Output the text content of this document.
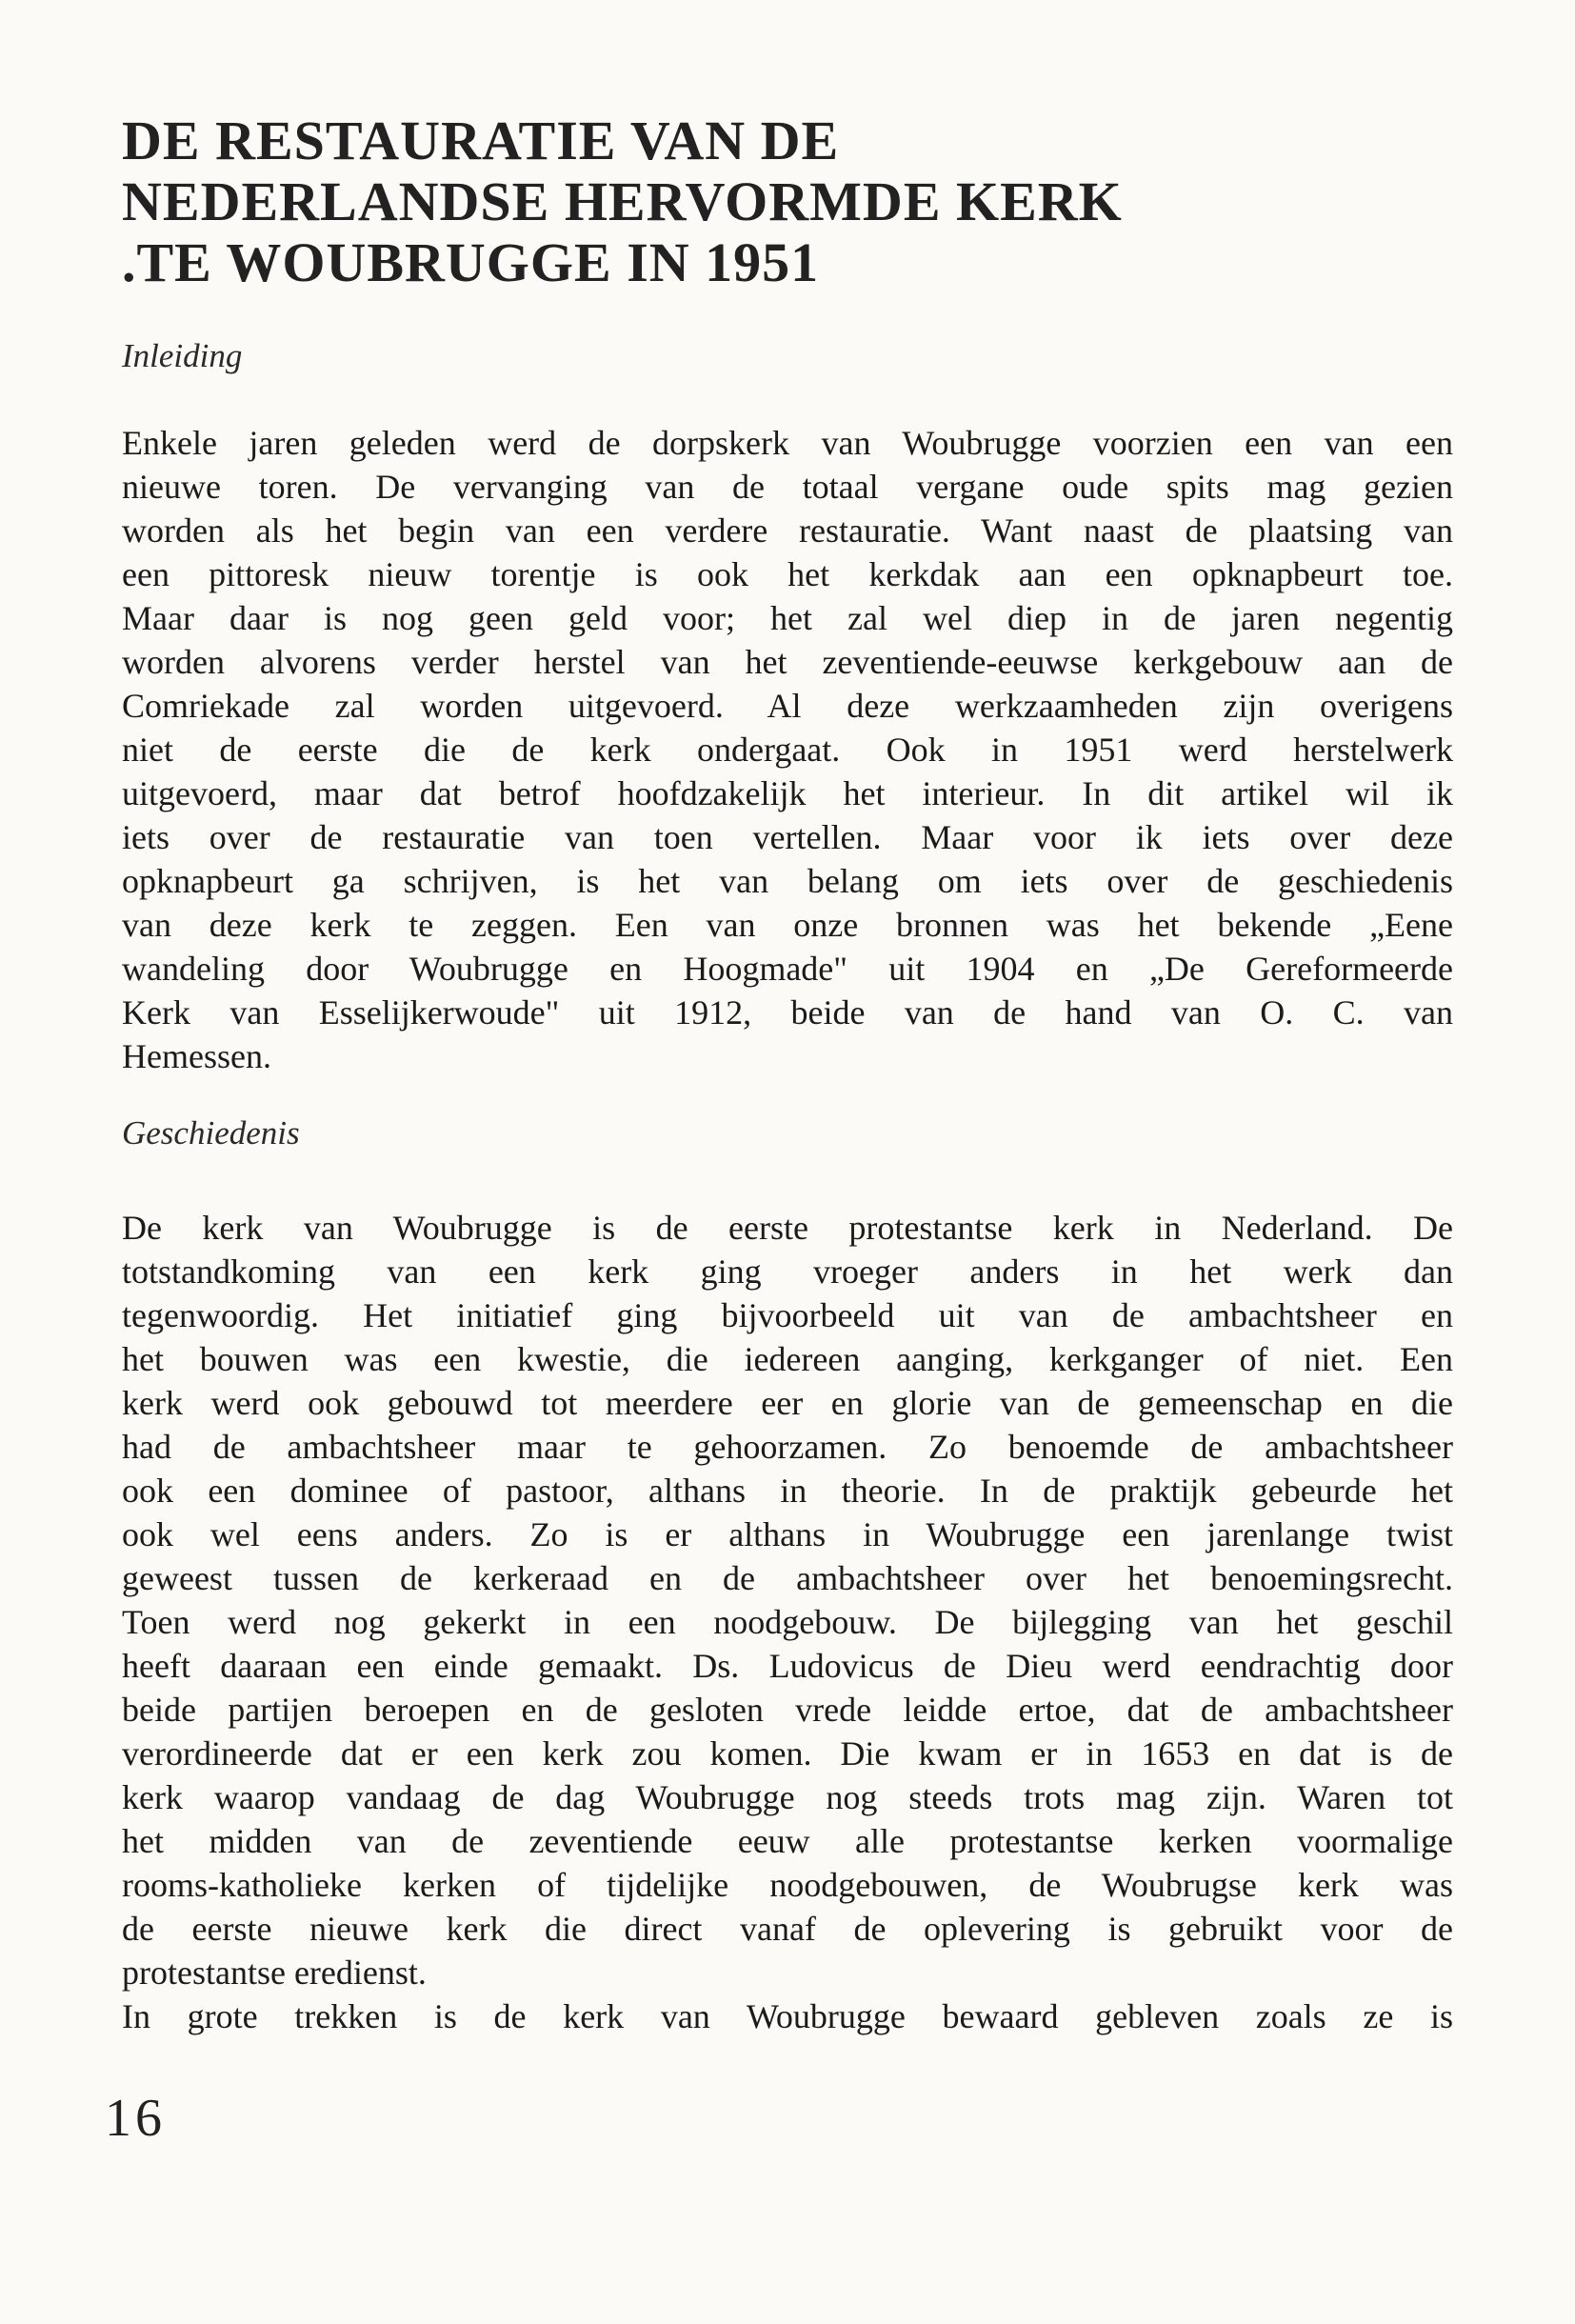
DE RESTAURATIE VAN DE
NEDERLANDSE HERVORMDE KERK
.TE WOUBRUGGE IN 1951
Inleiding
Enkele jaren geleden werd de dorpskerk van Woubrugge voorzien een van een
nieuwe toren. De vervanging van de totaal vergane oude spits mag gezien
worden als het begin van een verdere restauratie. Want naast de plaatsing van
een pittoresk nieuw torentje is ook het kerkdak aan een opknapbeurt toe.
Maar daar is nog geen geld voor; het zal wel diep in de jaren negentig
worden alvorens verder herstel van het zeventiende-eeuwse kerkgebouw aan de
Comriekade zal worden uitgevoerd. Al deze werkzaamheden zijn overigens
niet de eerste die de kerk ondergaat. Ook in 1951 werd herstelwerk
uitgevoerd, maar dat betrof hoofdzakelijk het interieur. In dit artikel wil ik
iets over de restauratie van toen vertellen. Maar voor ik iets over deze
opknapbeurt ga schrijven, is het van belang om iets over de geschiedenis
van deze kerk te zeggen. Een van onze bronnen was het bekende „Eene
wandeling door Woubrugge en Hoogmade" uit 1904 en „De Gereformeerde
Kerk van Esselijkerwoude" uit 1912, beide van de hand van O. C. van
Hemessen.
Geschiedenis
De kerk van Woubrugge is de eerste protestantse kerk in Nederland. De
totstandkoming van een kerk ging vroeger anders in het werk dan
tegenwoordig. Het initiatief ging bijvoorbeeld uit van de ambachtsheer en
het bouwen was een kwestie, die iedereen aanging, kerkganger of niet. Een
kerk werd ook gebouwd tot meerdere eer en glorie van de gemeenschap en die
had de ambachtsheer maar te gehoorzamen. Zo benoemde de ambachtsheer
ook een dominee of pastoor, althans in theorie. In de praktijk gebeurde het
ook wel eens anders. Zo is er althans in Woubrugge een jarenlange twist
geweest tussen de kerkeraad en de ambachtsheer over het benoemingsrecht.
Toen werd nog gekerkt in een noodgebouw. De bijlegging van het geschil
heeft daaraan een einde gemaakt. Ds. Ludovicus de Dieu werd eendrachtig door
beide partijen beroepen en de gesloten vrede leidde ertoe, dat de ambachtsheer
verordineerde dat er een kerk zou komen. Die kwam er in 1653 en dat is de
kerk waarop vandaag de dag Woubrugge nog steeds trots mag zijn. Waren tot
het midden van de zeventiende eeuw alle protestantse kerken voormalige
rooms-katholieke kerken of tijdelijke noodgebouwen, de Woubrugse kerk was
de eerste nieuwe kerk die direct vanaf de oplevering is gebruikt voor de
protestantse eredienst.
In grote trekken is de kerk van Woubrugge bewaard gebleven zoals ze is
16
